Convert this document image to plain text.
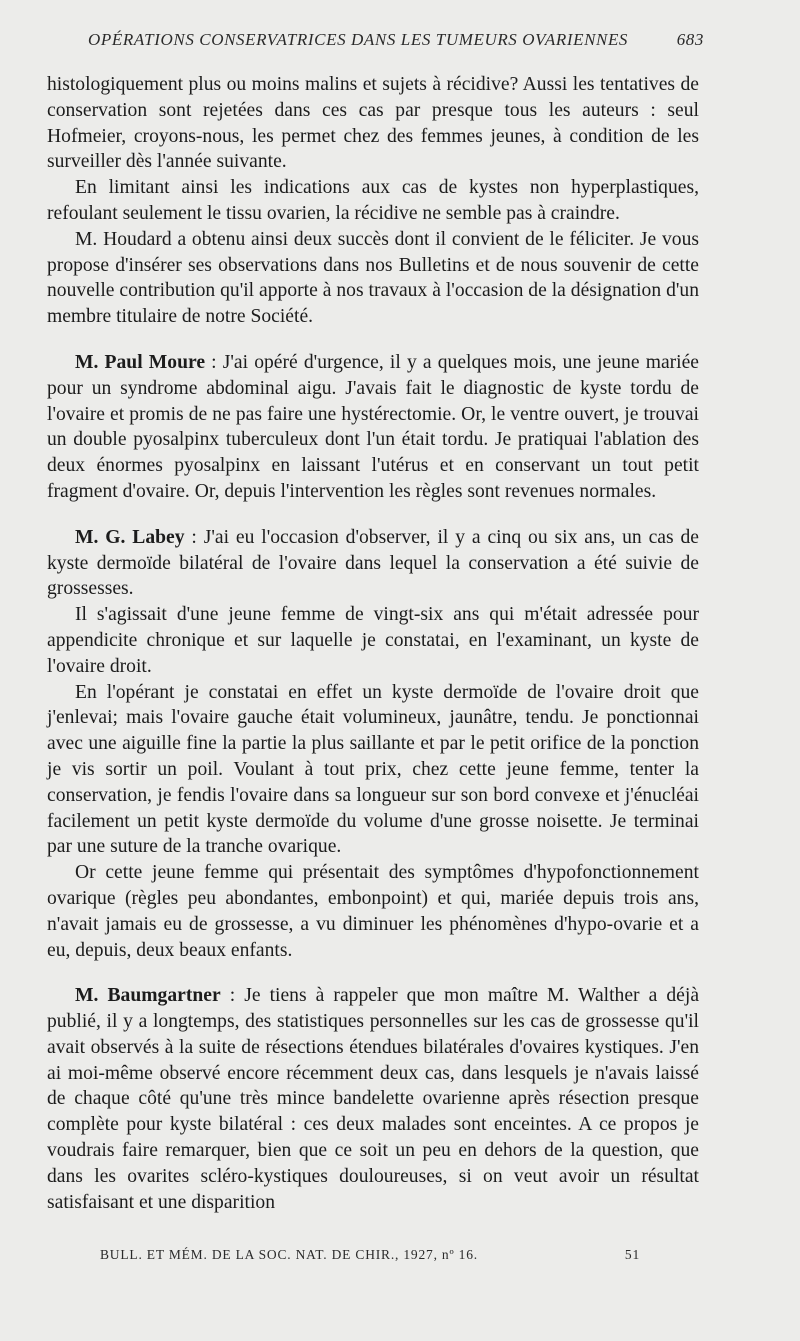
OPÉRATIONS CONSERVATRICES DANS LES TUMEURS OVARIENNES	683

histologiquement plus ou moins malins et sujets à récidive? Aussi les tentatives de conservation sont rejetées dans ces cas par presque tous les auteurs : seul Hofmeier, croyons-nous, les permet chez des femmes jeunes, à condition de les surveiller dès l'année suivante.

En limitant ainsi les indications aux cas de kystes non hyperplastiques, refoulant seulement le tissu ovarien, la récidive ne semble pas à craindre.

M. Houdard a obtenu ainsi deux succès dont il convient de le féliciter. Je vous propose d'insérer ses observations dans nos Bulletins et de nous souvenir de cette nouvelle contribution qu'il apporte à nos travaux à l'occasion de la désignation d'un membre titulaire de notre Société.

M. Paul Moure : J'ai opéré d'urgence, il y a quelques mois, une jeune mariée pour un syndrome abdominal aigu. J'avais fait le diagnostic de kyste tordu de l'ovaire et promis de ne pas faire une hystérectomie. Or, le ventre ouvert, je trouvai un double pyosalpinx tuberculeux dont l'un était tordu. Je pratiquai l'ablation des deux énormes pyosalpinx en laissant l'utérus et en conservant un tout petit fragment d'ovaire. Or, depuis l'intervention les règles sont revenues normales.

M. G. Labey : J'ai eu l'occasion d'observer, il y a cinq ou six ans, un cas de kyste dermoïde bilatéral de l'ovaire dans lequel la conservation a été suivie de grossesses.

Il s'agissait d'une jeune femme de vingt-six ans qui m'était adressée pour appendicite chronique et sur laquelle je constatai, en l'examinant, un kyste de l'ovaire droit.

En l'opérant je constatai en effet un kyste dermoïde de l'ovaire droit que j'enlevai; mais l'ovaire gauche était volumineux, jaunâtre, tendu. Je ponctionnai avec une aiguille fine la partie la plus saillante et par le petit orifice de la ponction je vis sortir un poil. Voulant à tout prix, chez cette jeune femme, tenter la conservation, je fendis l'ovaire dans sa longueur sur son bord convexe et j'énucléai facilement un petit kyste dermoïde du volume d'une grosse noisette. Je terminai par une suture de la tranche ovarique.

Or cette jeune femme qui présentait des symptômes d'hypofonctionnement ovarique (règles peu abondantes, embonpoint) et qui, mariée depuis trois ans, n'avait jamais eu de grossesse, a vu diminuer les phénomènes d'hypo-ovarie et a eu, depuis, deux beaux enfants.

M. Baumgartner : Je tiens à rappeler que mon maître M. Walther a déjà publié, il y a longtemps, des statistiques personnelles sur les cas de grossesse qu'il avait observés à la suite de résections étendues bilatérales d'ovaires kystiques. J'en ai moi-même observé encore récemment deux cas, dans lesquels je n'avais laissé de chaque côté qu'une très mince bandelette ovarienne après résection presque complète pour kyste bilatéral : ces deux malades sont enceintes. A ce propos je voudrais faire remarquer, bien que ce soit un peu en dehors de la question, que dans les ovarites scléro-kystiques douloureuses, si on veut avoir un résultat satisfaisant et une disparition

BULL. ET MÉM. DE LA SOC. NAT. DE CHIR., 1927, nº 16.	51
